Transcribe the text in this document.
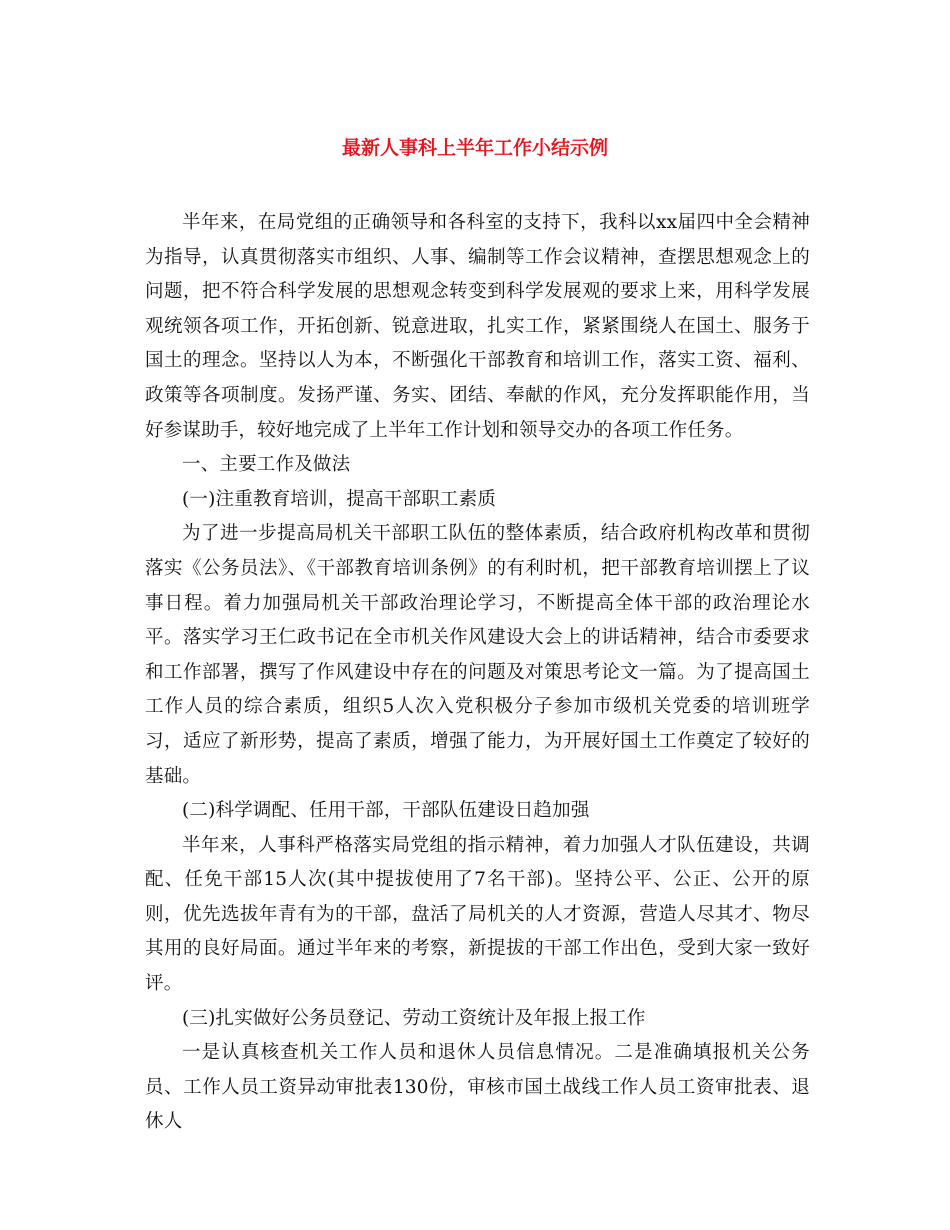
最新人事科上半年工作小结示例

半年来，在局党组的正确领导和各科室的支持下，我科以xx届四中全会精神为指导，认真贯彻落实市组织、人事、编制等工作会议精神，查摆思想观念上的问题，把不符合科学发展的思想观念转变到科学发展观的要求上来，用科学发展观统领各项工作，开拓创新、锐意进取，扎实工作，紧紧围绕人在国土、服务于国土的理念。坚持以人为本，不断强化干部教育和培训工作，落实工资、福利、政策等各项制度。发扬严谨、务实、团结、奉献的作风，充分发挥职能作用，当好参谋助手，较好地完成了上半年工作计划和领导交办的各项工作任务。

一、主要工作及做法

(一)注重教育培训，提高干部职工素质

为了进一步提高局机关干部职工队伍的整体素质，结合政府机构改革和贯彻落实《公务员法》、《干部教育培训条例》的有利时机，把干部教育培训摆上了议事日程。着力加强局机关干部政治理论学习，不断提高全体干部的政治理论水平。落实学习王仁政书记在全市机关作风建设大会上的讲话精神，结合市委要求和工作部署，撰写了作风建设中存在的问题及对策思考论文一篇。为了提高国土工作人员的综合素质，组织5人次入党积极分子参加市级机关党委的培训班学习，适应了新形势，提高了素质，增强了能力，为开展好国土工作奠定了较好的基础。

(二)科学调配、任用干部，干部队伍建设日趋加强

半年来，人事科严格落实局党组的指示精神，着力加强人才队伍建设，共调配、任免干部15人次(其中提拔使用了7名干部)。坚持公平、公正、公开的原则，优先选拔年青有为的干部，盘活了局机关的人才资源，营造人尽其才、物尽其用的良好局面。通过半年来的考察，新提拔的干部工作出色，受到大家一致好评。

(三)扎实做好公务员登记、劳动工资统计及年报上报工作

一是认真核查机关工作人员和退休人员信息情况。二是准确填报机关公务员、工作人员工资异动审批表130份，审核市国土战线工作人员工资审批表、退休人
